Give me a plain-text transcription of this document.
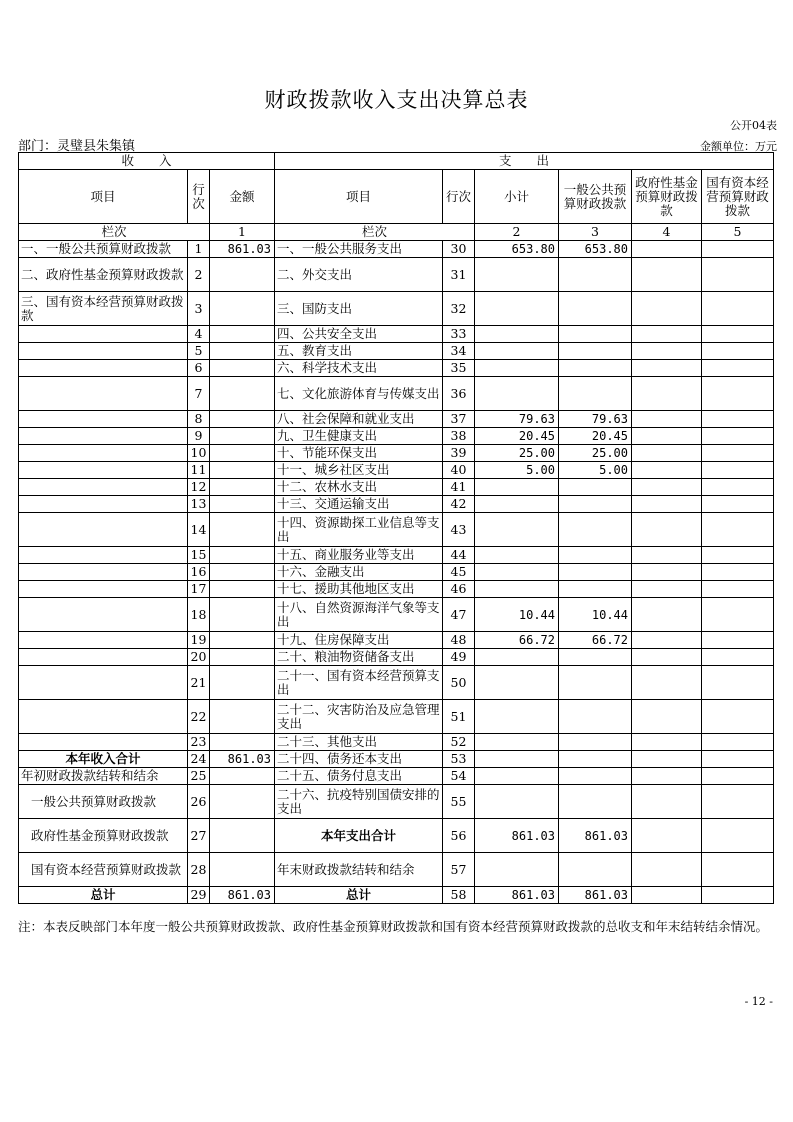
财政拨款收入支出决算总表
公开04表
部门：灵璧县朱集镇	金额单位：万元
收　　入			支　　出					
项目	行次	金额	项目	行次	小计	一般公共预算财政拨款	政府性基金预算财政拨款	国有资本经营预算财政拨款
栏次		1	栏次		2	3	4	5
一、一般公共预算财政拨款	1	861.03	一、一般公共服务支出	30	653.80	653.80		
二、政府性基金预算财政拨款	2		二、外交支出	31				
三、国有资本经营预算财政拨款	3		三、国防支出	32				
	4		四、公共安全支出	33				
	5		五、教育支出	34				
	6		六、科学技术支出	35				
	7		七、文化旅游体育与传媒支出	36				
	8		八、社会保障和就业支出	37	79.63	79.63		
	9		九、卫生健康支出	38	20.45	20.45		
	10		十、节能环保支出	39	25.00	25.00		
	11		十一、城乡社区支出	40	5.00	5.00		
	12		十二、农林水支出	41				
	13		十三、交通运输支出	42				
	14		十四、资源勘探工业信息等支出	43				
	15		十五、商业服务业等支出	44				
	16		十六、金融支出	45				
	17		十七、援助其他地区支出	46				
	18		十八、自然资源海洋气象等支出	47	10.44	10.44		
	19		十九、住房保障支出	48	66.72	66.72		
	20		二十、粮油物资储备支出	49				
	21		二十一、国有资本经营预算支出	50				
	22		二十二、灾害防治及应急管理支出	51				
	23		二十三、其他支出	52				
本年收入合计	24	861.03	二十四、债务还本支出	53				
年初财政拨款结转和结余	25		二十五、债务付息支出	54				
一般公共预算财政拨款	26		二十六、抗疫特别国债安排的支出	55				
政府性基金预算财政拨款	27		本年支出合计	56	861.03	861.03		
国有资本经营预算财政拨款	28		年末财政拨款结转和结余	57				
总计	29	861.03	总计	58	861.03	861.03		
注：本表反映部门本年度一般公共预算财政拨款、政府性基金预算财政拨款和国有资本经营预算财政拨款的总收支和年末结转结余情况。
- 12 -
